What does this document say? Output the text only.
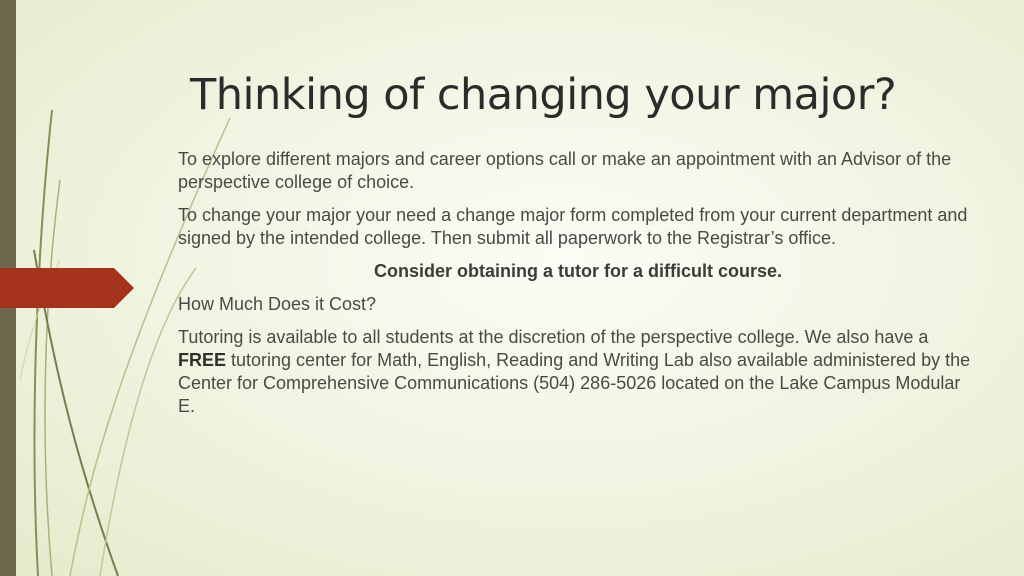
Thinking of changing your major?

To explore different majors and career options call or make an appointment with an Advisor of the perspective college of choice.

To change your major your need a change major form completed from your current department and signed by the intended college. Then submit all paperwork to the Registrar’s office.

Consider obtaining a tutor for a difficult course.

How Much Does it Cost?

Tutoring is available to all students at the discretion of the perspective college. We also have a FREE tutoring center for Math, English, Reading and Writing Lab also available administered by the Center for Comprehensive Communications (504) 286-5026 located on the Lake Campus Modular E.
